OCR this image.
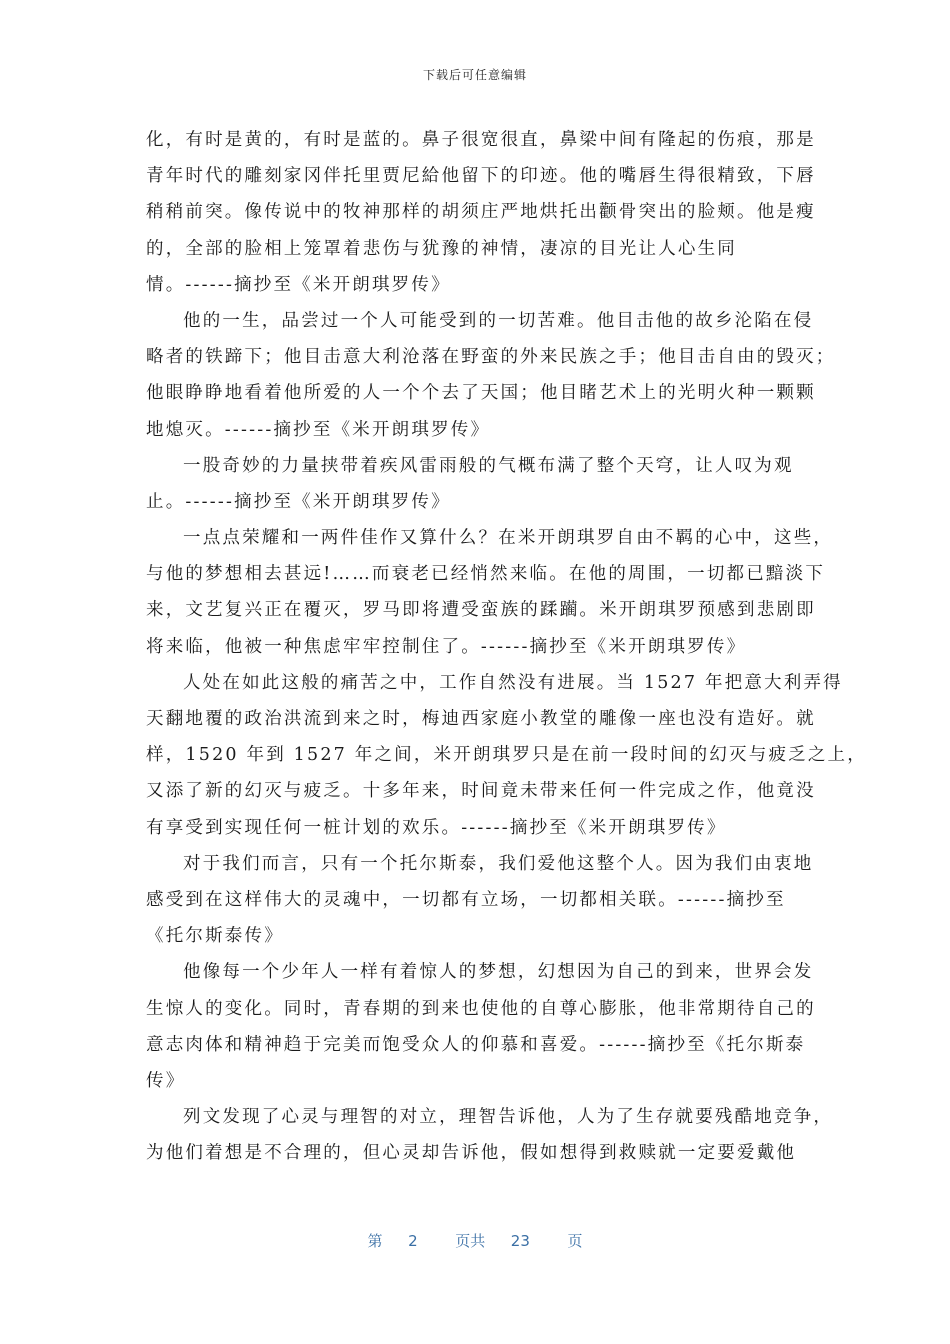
下载后可任意编辑
化，有时是黄的，有时是蓝的。鼻子很宽很直，鼻梁中间有隆起的伤痕，那是
青年时代的雕刻家冈伴托里贾尼給他留下的印迹。他的嘴唇生得很精致，下唇
稍稍前突。像传说中的牧神那样的胡须庄严地烘托出颧骨突出的脸颊。他是瘦
的，全部的脸相上笼罩着悲伤与犹豫的神情，凄凉的目光让人心生同
情。------摘抄至《米开朗琪罗传》
他的一生，品尝过一个人可能受到的一切苦难。他目击他的故乡沦陷在侵
略者的铁蹄下；他目击意大利沧落在野蛮的外来民族之手；他目击自由的毁灭；
他眼睁睁地看着他所爱的人一个个去了天国；他目睹艺术上的光明火种一颗颗
地熄灭。------摘抄至《米开朗琪罗传》
一股奇妙的力量挟带着疾风雷雨般的气概布满了整个天穹，让人叹为观
止。------摘抄至《米开朗琪罗传》
一点点荣耀和一两件佳作又算什么？在米开朗琪罗自由不羁的心中，这些，
与他的梦想相去甚远!……而衰老已经悄然来临。在他的周围，一切都已黯淡下
来，文艺复兴正在覆灭，罗马即将遭受蛮族的蹂躏。米开朗琪罗预感到悲剧即
将来临，他被一种焦虑牢牢控制住了。------摘抄至《米开朗琪罗传》
人处在如此这般的痛苦之中，工作自然没有进展。当 1527 年把意大利弄得
天翻地覆的政治洪流到来之时，梅迪西家庭小教堂的雕像一座也没有造好。就
样，1520 年到 1527 年之间，米开朗琪罗只是在前一段时间的幻灭与疲乏之上，
又添了新的幻灭与疲乏。十多年来，时间竟未带来任何一件完成之作，他竟没
有享受到实现任何一桩计划的欢乐。------摘抄至《米开朗琪罗传》
对于我们而言，只有一个托尔斯泰，我们爱他这整个人。因为我们由衷地
感受到在这样伟大的灵魂中，一切都有立场，一切都相关联。------摘抄至
《托尔斯泰传》
他像每一个少年人一样有着惊人的梦想，幻想因为自己的到来，世界会发
生惊人的变化。同时，青春期的到来也使他的自尊心膨胀，他非常期待自己的
意志肉体和精神趋于完美而饱受众人的仰慕和喜爱。------摘抄至《托尔斯泰
传》
列文发现了心灵与理智的对立，理智告诉他，人为了生存就要残酷地竞争，
为他们着想是不合理的，但心灵却告诉他，假如想得到救赎就一定要爱戴他
第 2	页共 23	页
